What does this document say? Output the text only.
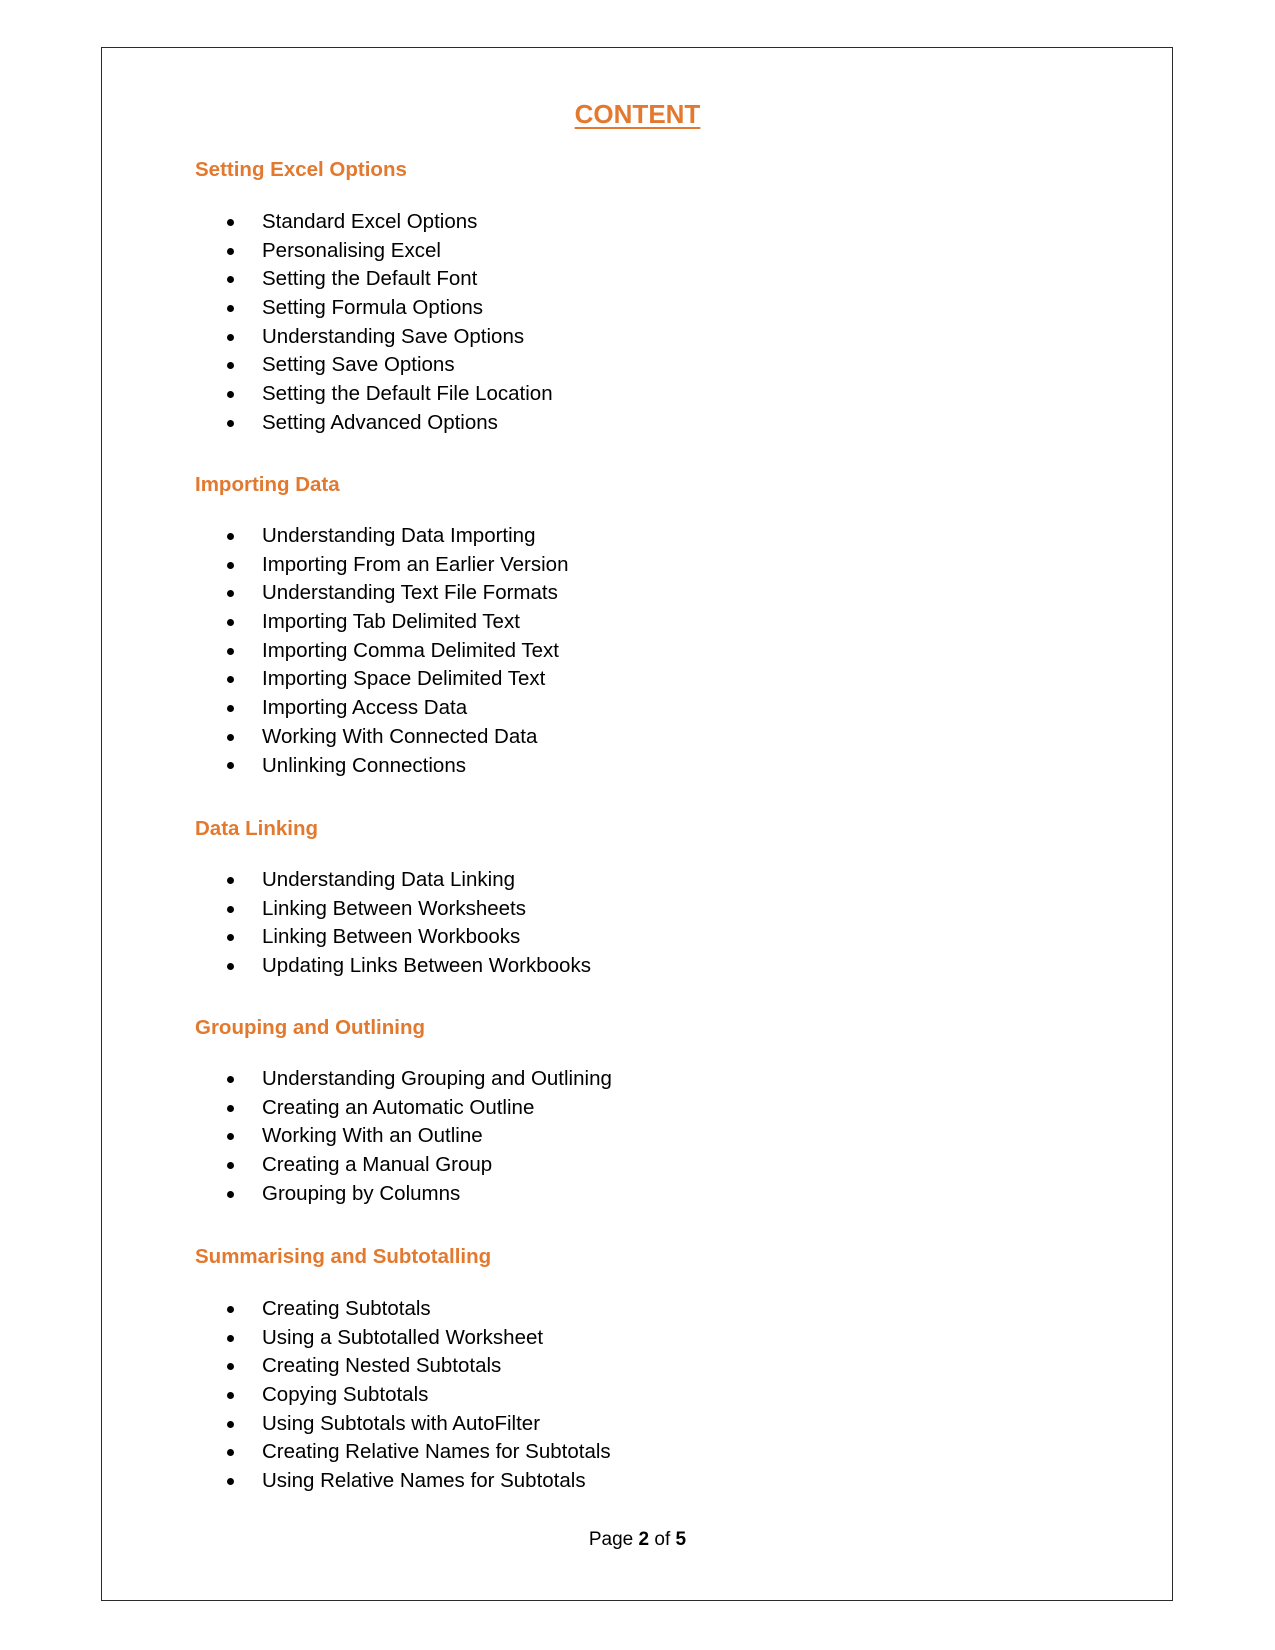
CONTENT
Setting Excel Options
Standard Excel Options
Personalising Excel
Setting the Default Font
Setting Formula Options
Understanding Save Options
Setting Save Options
Setting the Default File Location
Setting Advanced Options
Importing Data
Understanding Data Importing
Importing From an Earlier Version
Understanding Text File Formats
Importing Tab Delimited Text
Importing Comma Delimited Text
Importing Space Delimited Text
Importing Access Data
Working With Connected Data
Unlinking Connections
Data Linking
Understanding Data Linking
Linking Between Worksheets
Linking Between Workbooks
Updating Links Between Workbooks
Grouping and Outlining
Understanding Grouping and Outlining
Creating an Automatic Outline
Working With an Outline
Creating a Manual Group
Grouping by Columns
Summarising and Subtotalling
Creating Subtotals
Using a Subtotalled Worksheet
Creating Nested Subtotals
Copying Subtotals
Using Subtotals with AutoFilter
Creating Relative Names for Subtotals
Using Relative Names for Subtotals

Page 2 of 5
